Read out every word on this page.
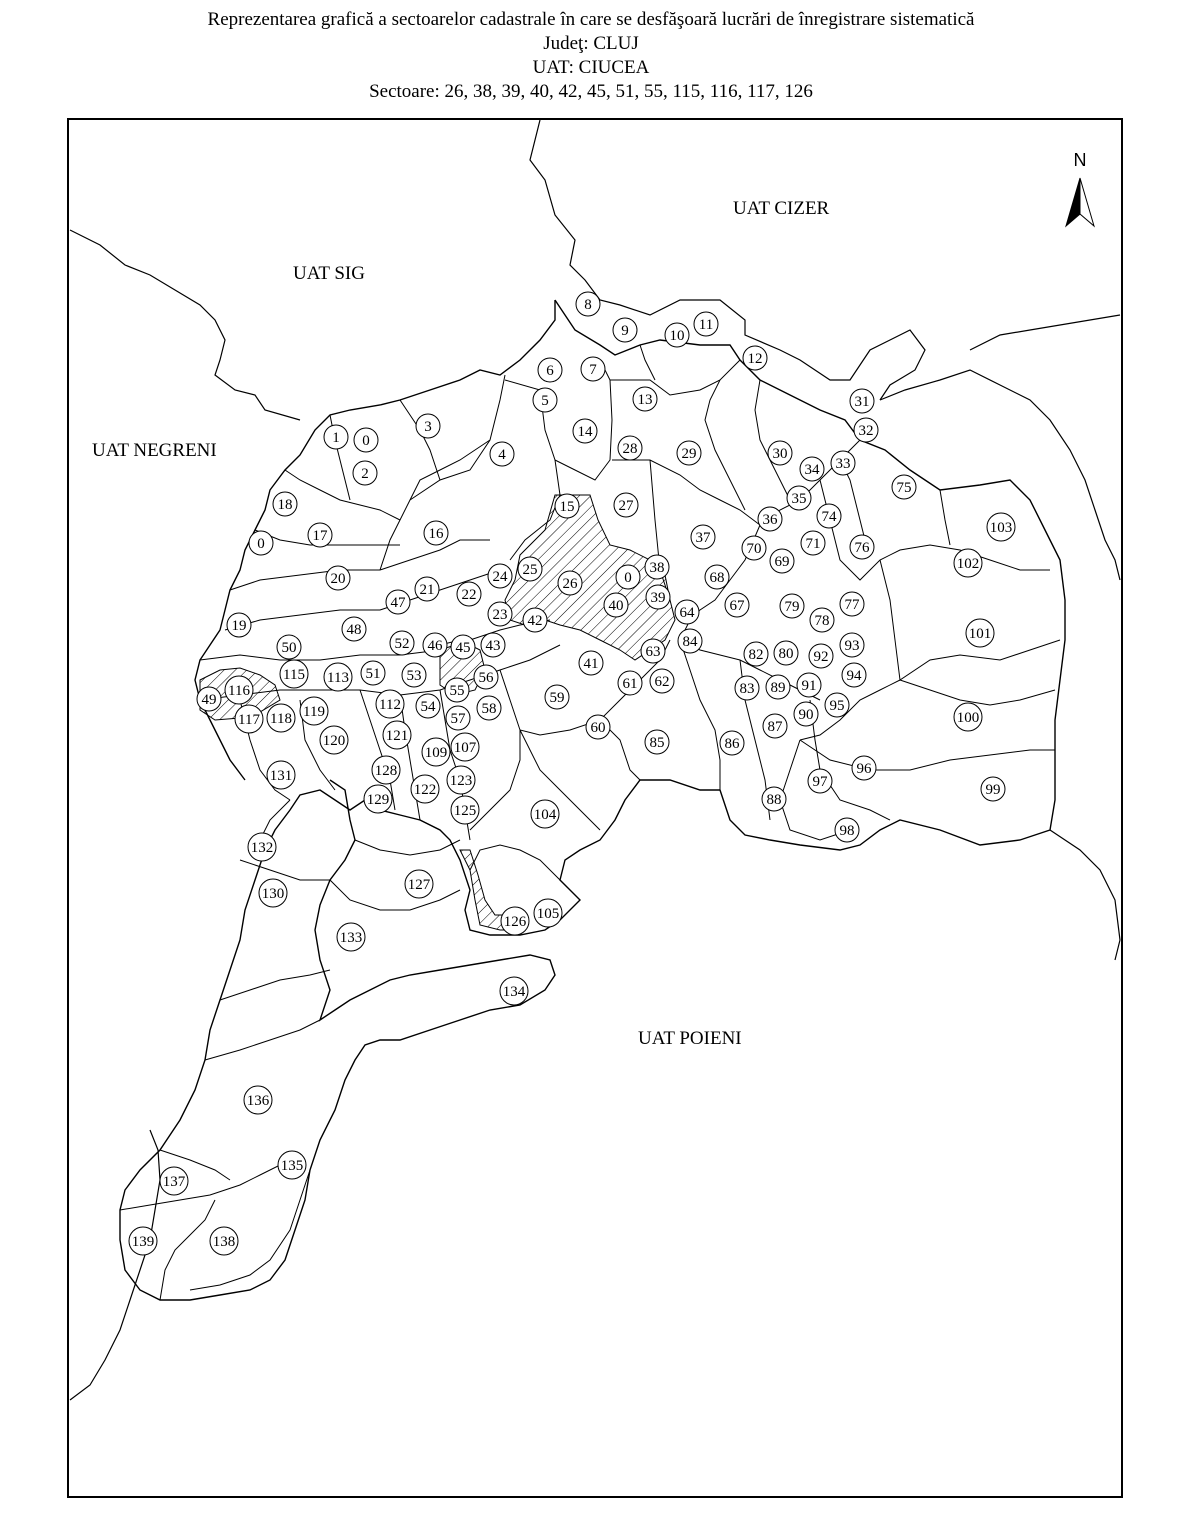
Reprezentarea grafică a sectoarelor cadastrale în care se desfăşoară lucrări de înregistrare sistematică
Judeţ: CLUJ
UAT: CIUCEA
Sectoare: 26, 38, 39, 40, 42, 45, 51, 55, 115, 116, 117, 126
N
UAT CIZER
UAT SIG
UAT NEGRENI
UAT POIENI
8
9	10
11
12
6 7
5	13
14
1 0
3
2
4	28	29	30
31
32
33
34
35
75
18
17
0
16
15	27
37
36	74
103
70
69
71 76
102
24 25
26	0
38
20
21
47	22
68
39
40	67	79	77
23 42	64	78
19	48	101
50	52 46 45 43	84	93
63	82 80 92
41
115	51
113	53	56	94
116	55	61 62	83 89 91
49	112	59
54	95
58	90
117 118 119	57	100
60	87
121
120	107
109
85	86
96
128
131	123	97
122	99
129	88
125	104
98
132
127
130
105
126
133
134
136
135
137
139	138
